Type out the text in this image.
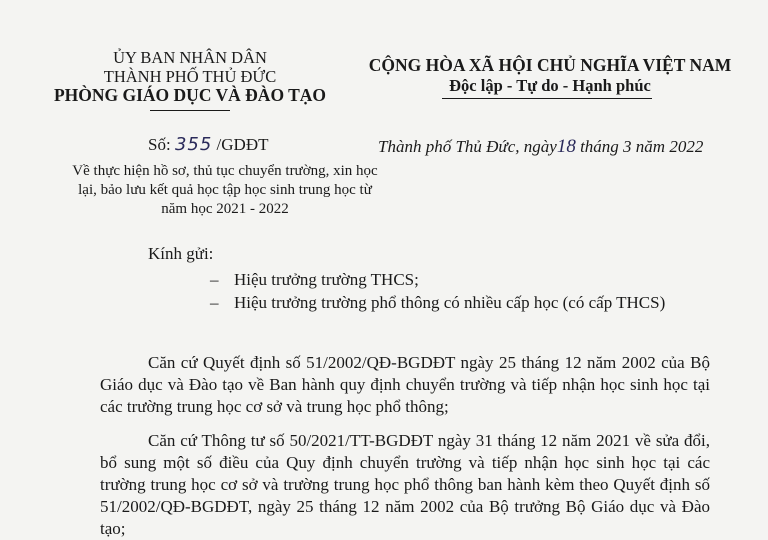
ỦY BAN NHÂN DÂN
THÀNH PHỐ THỦ ĐỨC
PHÒNG GIÁO DỤC VÀ ĐÀO TẠO
CỘNG HÒA XÃ HỘI CHỦ NGHĨA VIỆT NAM
Độc lập - Tự do - Hạnh phúc
Số: 355 /GDĐT	Thành phố Thủ Đức, ngày18 tháng 3 năm 2022
Về thực hiện hồ sơ, thủ tục chuyển trường, xin học lại, bảo lưu kết quả học tập học sinh trung học từ năm học 2021 - 2022
Kính gửi:
– Hiệu trưởng trường THCS;
– Hiệu trưởng trường phổ thông có nhiều cấp học (có cấp THCS)
Căn cứ Quyết định số 51/2002/QĐ-BGDĐT ngày 25 tháng 12 năm 2002 của Bộ Giáo dục và Đào tạo về Ban hành quy định chuyển trường và tiếp nhận học sinh học tại các trường trung học cơ sở và trung học phổ thông;
Căn cứ Thông tư số 50/2021/TT-BGDĐT ngày 31 tháng 12 năm 2021 về sửa đổi, bổ sung một số điều của Quy định chuyển trường và tiếp nhận học sinh học tại các trường trung học cơ sở và trường trung học phổ thông ban hành kèm theo Quyết định số 51/2002/QĐ-BGDĐT, ngày 25 tháng 12 năm 2002 của Bộ trưởng Bộ Giáo dục và Đào tạo;
